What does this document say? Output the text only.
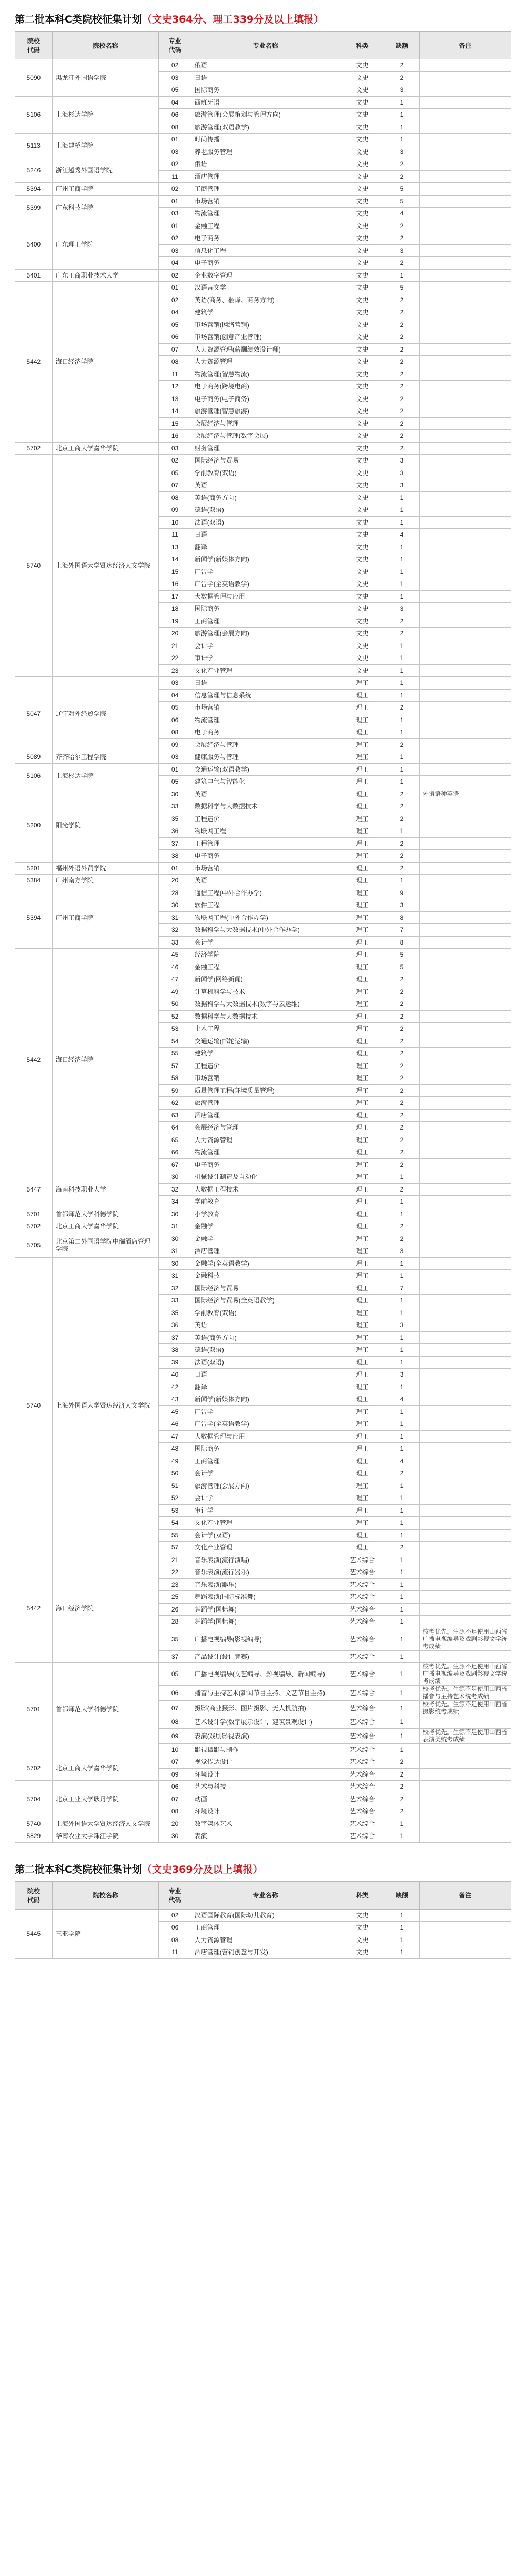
第二批本科C类院校征集计划（文史364分、理工339分及以上填报）
院校
代码	院校名称	专业
代码	专业名称	科类	缺额	备注
5090	黑龙江外国语学院	02	俄语	文史	2	
		03	日语	文史	2	
		05	国际商务	文史	3	
5106	上海杉达学院	04	西班牙语	文史	1	
		06	旅游管理(会展策划与管理方向)	文史	1	
		08	旅游管理(双语教学)	文史	1	
5113	上海建桥学院	01	时尚传播	文史	1	
		03	养老服务管理	文史	3	
5246	浙江越秀外国语学院	02	俄语	文史	2	
		11	酒店管理	文史	2	
5394	广州工商学院	02	工商管理	文史	5	
5399	广东科技学院	01	市场营销	文史	5	
		03	物流管理	文史	4	
5400	广东理工学院	01	金融工程	文史	2	
		02	电子商务	文史	2	
		03	信息化工程	文史	3	
		04	电子商务	文史	2	
5401	广东工商职业技术大学	02	企业数字管理	文史	1	
5442	海口经济学院	01	汉语言文学	文史	5	
		02	英语(商务、翻译、商务方向)	文史	2	
		04	建筑学	文史	2	
		05	市场营销(网络营销)	文史	2	
		06	市场营销(创意产业管理)	文史	2	
		07	人力资源管理(薪酬绩效设计师)	文史	2	
		08	人力资源管理	文史	2	
		11	物流管理(智慧物流)	文史	2	
		12	电子商务(跨境电商)	文史	2	
		13	电子商务(电子商务)	文史	2	
		14	旅游管理(智慧旅游)	文史	2	
		15	会展经济与管理	文史	2	
		16	会展经济与管理(数字会展)	文史	2	
5702	北京工商大学嘉华学院	03	财务管理	文史	2	
5740	上海外国语大学贤达经济人文学院	02	国际经济与贸易	文史	3	
		05	学前教育(双语)	文史	3	
		07	英语	文史	3	
		08	英语(商务方向)	文史	1	
		09	德语(双语)	文史	1	
		10	法语(双语)	文史	1	
		11	日语	文史	4	
		13	翻译	文史	1	
		14	新闻学(新媒体方向)	文史	1	
		15	广告学	文史	1	
		16	广告学(全英语教学)	文史	1	
		17	大数据管理与应用	文史	1	
		18	国际商务	文史	3	
		19	工商管理	文史	2	
		20	旅游管理(会展方向)	文史	2	
		21	会计学	文史	1	
		22	审计学	文史	1	
		23	文化产业管理	文史	1	
5047	辽宁对外经贸学院	03	日语	理工	1	
		04	信息管理与信息系统	理工	1	
		05	市场营销	理工	2	
		06	物流管理	理工	1	
		08	电子商务	理工	1	
		09	会展经济与管理	理工	2	
5089	齐齐哈尔工程学院	03	健康服务与管理	理工	1	
5106	上海杉达学院	01	交通运输(双语教学)	理工	1	
		05	建筑电气与智能化	理工	1	
5200	阳光学院	30	英语	理工	2	外语语种英语
		33	数据科学与大数据技术	理工	2	
		35	工程造价	理工	2	
		36	物联网工程	理工	1	
		37	工程管理	理工	2	
		38	电子商务	理工	2	
5201	福州外语外贸学院	01	市场营销	理工	2	
5384	广州南方学院	20	英语	理工	1	
5394	广州工商学院	28	通信工程(中外合作办学)	理工	9	
		30	软件工程	理工	3	
		31	物联网工程(中外合作办学)	理工	8	
		32	数据科学与大数据技术(中外合作办学)	理工	7	
		33	会计学	理工	8	
5442	海口经济学院	45	经济学院	理工	5	
		46	金融工程	理工	5	
		47	新闻学(网络新闻)	理工	2	
		49	计算机科学与技术	理工	2	
		50	数据科学与大数据技术(数字与云运维)	理工	2	
		52	数据科学与大数据技术	理工	2	
		53	土木工程	理工	2	
		54	交通运输(邮轮运输)	理工	2	
		55	建筑学	理工	2	
		57	工程造价	理工	2	
		58	市场营销	理工	2	
		59	质量管理工程(环境质量管理)	理工	2	
		62	旅游管理	理工	2	
		63	酒店管理	理工	2	
		64	会展经济与管理	理工	2	
		65	人力资源管理	理工	2	
		66	物流管理	理工	2	
		67	电子商务	理工	2	
5447	海南科技职业大学	30	机械设计制造及自动化	理工	1	
		32	大数据工程技术	理工	2	
		34	学前教育	理工	1	
5701	首都师范大学科德学院	30	小学教育	理工	1	
5702	北京工商大学嘉华学院	31	金融学	理工	2	
5705	北京第二外国语学院中瑞酒店管理学院	30	金融学	理工	2	
		31	酒店管理	理工	3	
5740	上海外国语大学贤达经济人文学院	30	金融学(全英语教学)	理工	1	
		31	金融科技	理工	1	
		32	国际经济与贸易	理工	7	
		33	国际经济与贸易(全英语教学)	理工	1	
		35	学前教育(双语)	理工	1	
		36	英语	理工	3	
		37	英语(商务方向)	理工	1	
		38	德语(双语)	理工	1	
		39	法语(双语)	理工	1	
		40	日语	理工	3	
		42	翻译	理工	1	
		43	新闻学(新媒体方向)	理工	4	
		45	广告学	理工	1	
		46	广告学(全英语教学)	理工	1	
		47	大数据管理与应用	理工	1	
		48	国际商务	理工	1	
		49	工商管理	理工	4	
		50	会计学	理工	2	
		51	旅游管理(会展方向)	理工	1	
		52	会计学	理工	1	
		53	审计学	理工	1	
		54	文化产业管理	理工	1	
		55	会计学(双语)	理工	1	
		57	文化产业管理	理工	2	
5442	海口经济学院	21	音乐表演(流行演唱)	艺术综合	1	
		22	音乐表演(流行器乐)	艺术综合	1	
		23	音乐表演(器乐)	艺术综合	1	
		25	舞蹈表演(国际标准舞)	艺术综合	1	
		26	舞蹈学(国标舞)	艺术综合	1	
		28	舞蹈学(国标舞)	艺术综合	1	
		35	广播电视编导(影视编导)	艺术综合	1	校考优先。生源不足使用山西省广播电视编导及戏剧影视文学统考成绩
		37	产品设计(设计竞赛)	艺术综合	1	
5701	首都师范大学科德学院	05	广播电视编导(文艺编导、影视编导、新闻编导)	艺术综合	1	校考优先。生源不足使用山西省广播电视编导及戏剧影视文学统考成绩
		06	播音与主持艺术(新闻节目主持、文艺节目主持)	艺术综合	1	校考优先。生源不足使用山西省播音与主持艺术统考成绩
		07	摄影(商业摄影、图片摄影、无人机航拍)	艺术综合	1	校考优先。生源不足使用山西省摄影统考成绩
		08	艺术设计学(数字展示设计、建筑景观设计)	艺术综合	1	
		09	表演(戏剧影视表演)	艺术综合	1	校考优先。生源不足使用山西省表演类统考成绩
		10	影视摄影与制作	艺术综合	1	
5702	北京工商大学嘉华学院	07	视觉传达设计	艺术综合	2	
		09	环境设计	艺术综合	2	
5704	北京工业大学耿丹学院	06	艺术与科技	艺术综合	2	
		07	动画	艺术综合	2	
		08	环境设计	艺术综合	2	
5740	上海外国语大学贤达经济人文学院	20	数字媒体艺术	艺术综合	1	
5829	华南农业大学珠江学院	30	表演	艺术综合	1	
第二批本科C类院校征集计划（文史369分及以上填报）
院校
代码	院校名称	专业
代码	专业名称	科类	缺额	备注
5445	三亚学院	02	汉语国际教育(国际幼儿教育)	文史	1	
		06	工商管理	文史	1	
		08	人力资源管理	文史	1	
		11	酒店管理(营销创意与开发)	文史	1	
